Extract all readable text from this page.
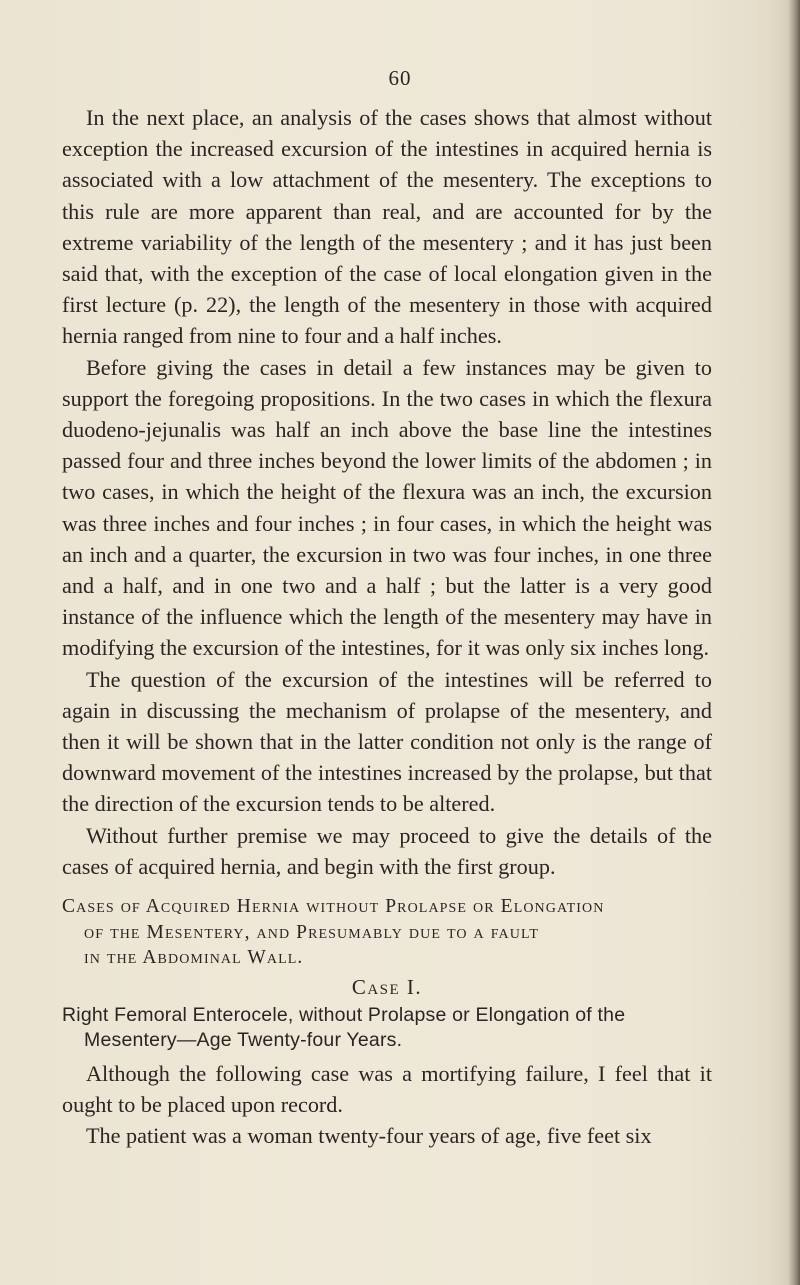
60

In the next place, an analysis of the cases shows that almost without exception the increased excursion of the intestines in acquired hernia is associated with a low attachment of the mesentery. The exceptions to this rule are more apparent than real, and are accounted for by the extreme variability of the length of the mesentery ; and it has just been said that, with the exception of the case of local elongation given in the first lecture (p. 22), the length of the mesentery in those with acquired hernia ranged from nine to four and a half inches.

Before giving the cases in detail a few instances may be given to support the foregoing propositions. In the two cases in which the flexura duodeno-jejunalis was half an inch above the base line the intestines passed four and three inches beyond the lower limits of the abdomen ; in two cases, in which the height of the flexura was an inch, the excursion was three inches and four inches ; in four cases, in which the height was an inch and a quarter, the excursion in two was four inches, in one three and a half, and in one two and a half ; but the latter is a very good instance of the influence which the length of the mesentery may have in modifying the excursion of the intestines, for it was only six inches long.

The question of the excursion of the intestines will be referred to again in discussing the mechanism of prolapse of the mesentery, and then it will be shown that in the latter condition not only is the range of downward movement of the intestines increased by the prolapse, but that the direction of the excursion tends to be altered.

Without further premise we may proceed to give the details of the cases of acquired hernia, and begin with the first group.

Cases of Acquired Hernia without Prolapse or Elongation
of the Mesentery, and Presumably due to a fault
in the Abdominal Wall.
Case I.
Right Femoral Enterocele, without Prolapse or Elongation of the
Mesentery—Age Twenty-four Years.

Although the following case was a mortifying failure, I feel that it ought to be placed upon record.

The patient was a woman twenty-four years of age, five feet six
